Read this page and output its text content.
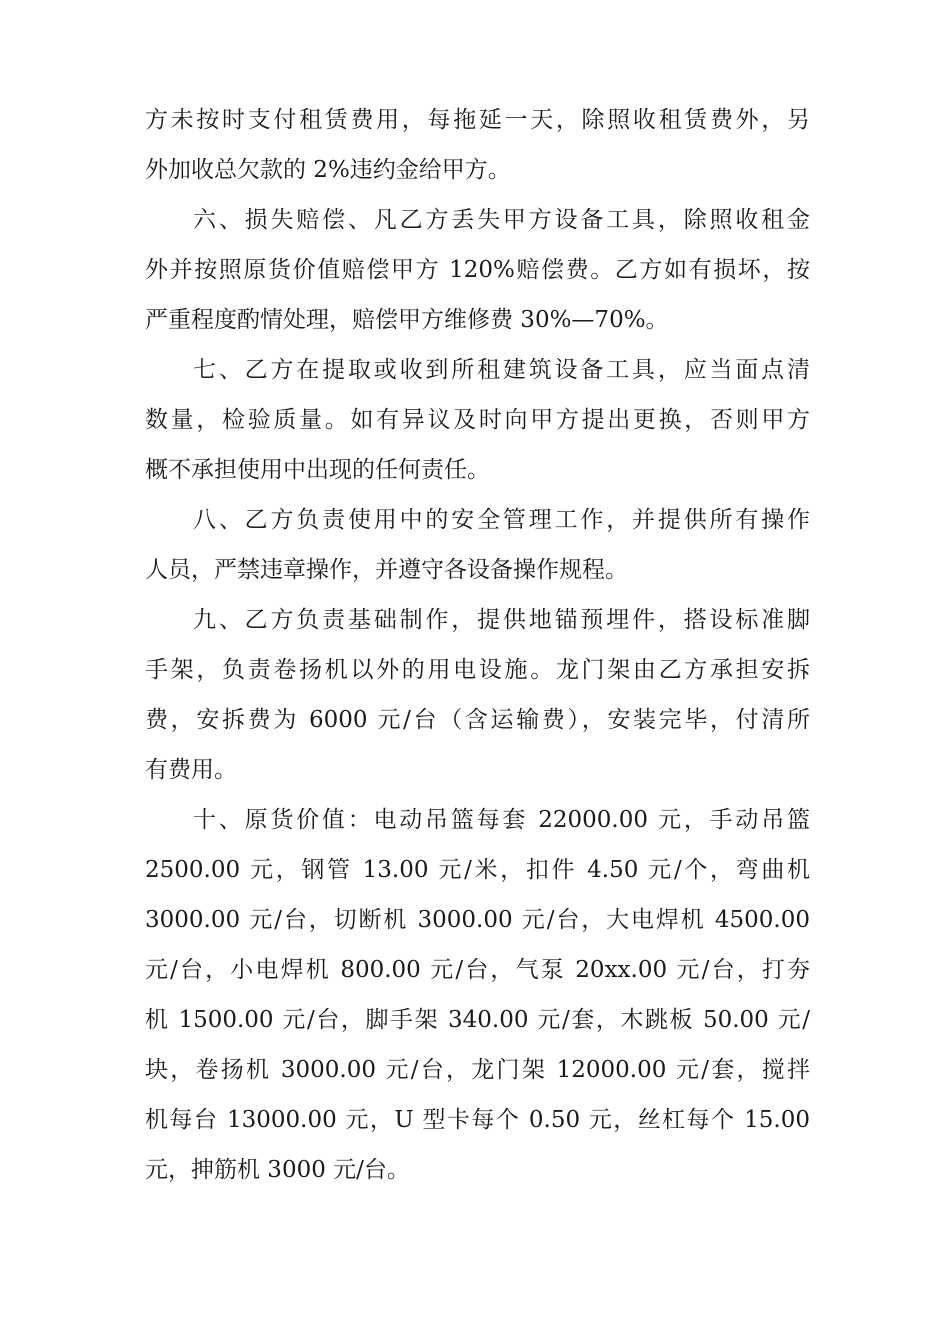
方未按时支付租赁费用，每拖延一天，除照收租赁费外，另
外加收总欠款的 2%违约金给甲方。
六、损失赔偿、凡乙方丢失甲方设备工具，除照收租金
外并按照原货价值赔偿甲方 120%赔偿费。乙方如有损坏，按
严重程度酌情处理，赔偿甲方维修费 30%—70%。
七、乙方在提取或收到所租建筑设备工具，应当面点清
数量，检验质量。如有异议及时向甲方提出更换，否则甲方
概不承担使用中出现的任何责任。
八、乙方负责使用中的安全管理工作，并提供所有操作
人员，严禁违章操作，并遵守各设备操作规程。
九、乙方负责基础制作，提供地锚预埋件，搭设标准脚
手架，负责卷扬机以外的用电设施。龙门架由乙方承担安拆
费，安拆费为 6000 元/台（含运输费），安装完毕，付清所
有费用。
十、原货价值：电动吊篮每套 22000.00 元，手动吊篮
2500.00 元，钢管 13.00 元/米，扣件 4.50 元/个，弯曲机
3000.00 元/台，切断机 3000.00 元/台，大电焊机 4500.00
元/台，小电焊机 800.00 元/台，气泵 20xx.00 元/台，打夯
机 1500.00 元/台，脚手架 340.00 元/套，木跳板 50.00 元/
块，卷扬机 3000.00 元/台，龙门架 12000.00 元/套，搅拌
机每台 13000.00 元，U 型卡每个 0.50 元，丝杠每个 15.00
元，抻筋机 3000 元/台。
